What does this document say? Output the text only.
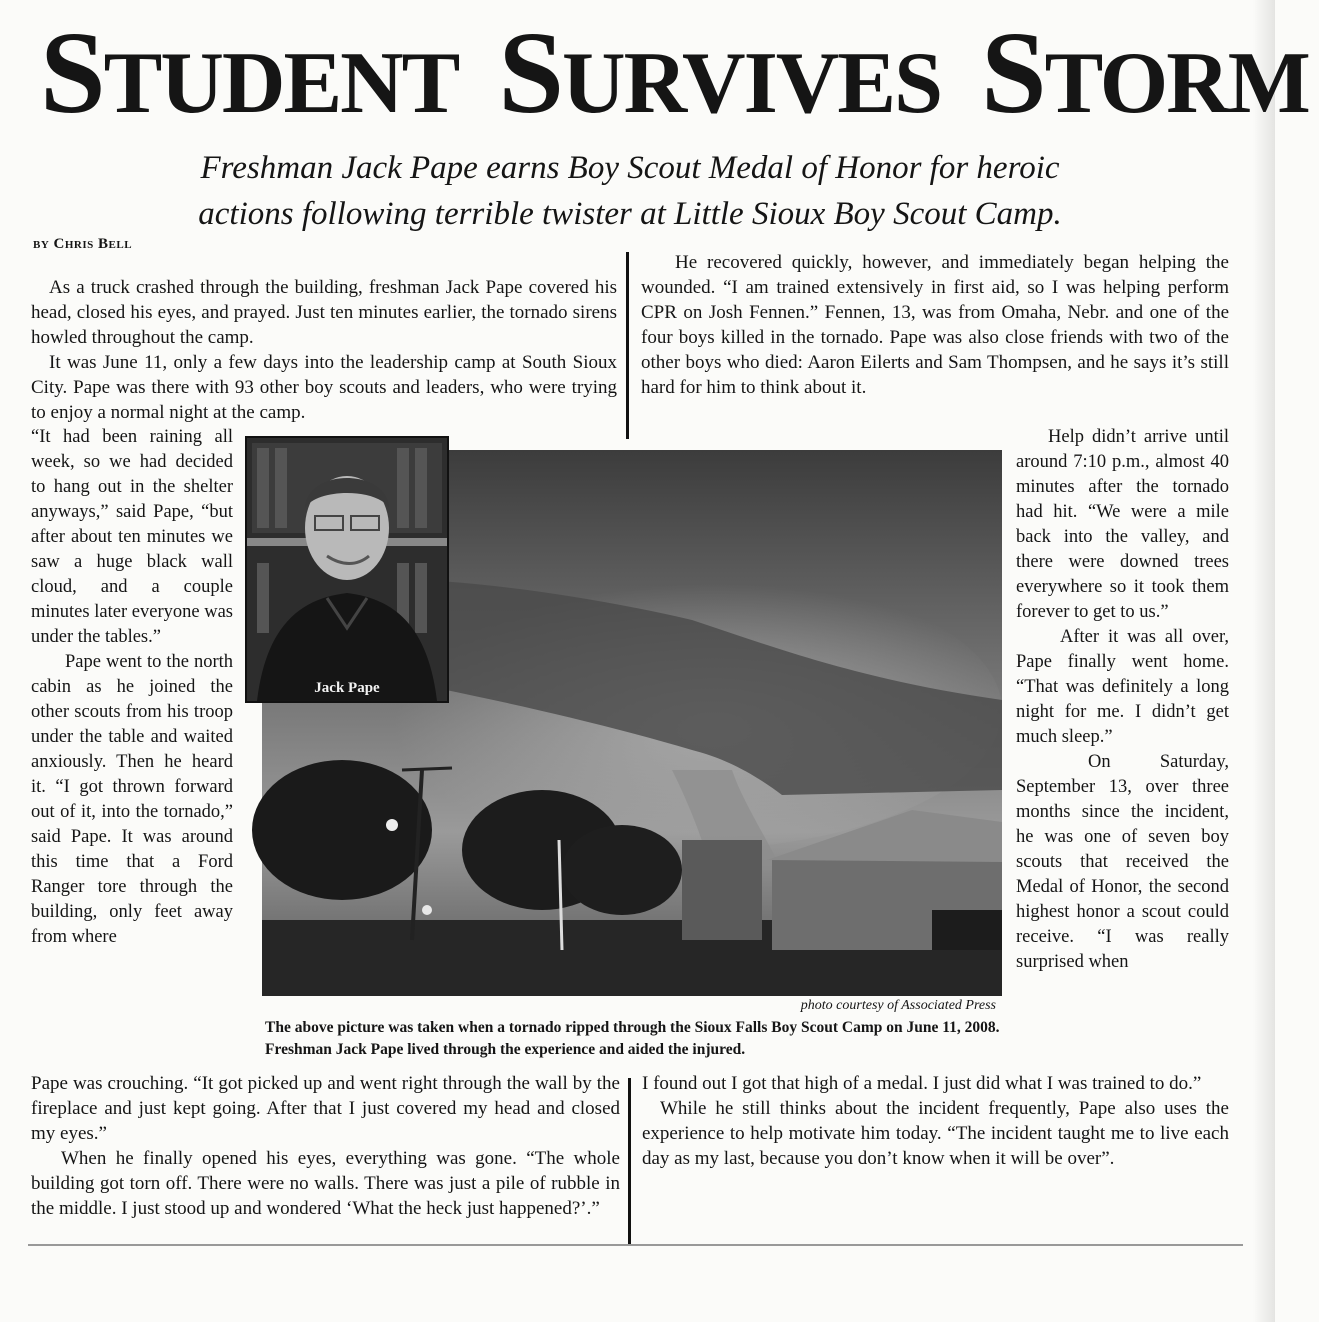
STUDENT SURVIVES STORM
Freshman Jack Pape earns Boy Scout Medal of Honor for heroic
actions following terrible twister at Little Sioux Boy Scout Camp.
by Chris Bell

As a truck crashed through the building, freshman Jack Pape covered his head, closed his eyes, and prayed. Just ten minutes earlier, the tornado sirens howled throughout the camp.

It was June 11, only a few days into the leadership camp at South Sioux City. Pape was there with 93 other boy scouts and leaders, who were trying to enjoy a normal night at the camp.

“It had been raining all week, so we had decided to hang out in the shelter anyways,” said Pape, “but after about ten minutes we saw a huge black wall cloud, and a couple minutes later everyone was under the tables.”

Pape went to the north cabin as he joined the other scouts from his troop under the table and waited anxiously. Then he heard it. “I got thrown forward out of it, into the tornado,” said Pape. It was around this time that a Ford Ranger tore through the building, only feet away from where

Pape was crouching. “It got picked up and went right through the wall by the fireplace and just kept going. After that I just covered my head and closed my eyes.”

When he finally opened his eyes, everything was gone. “The whole building got torn off. There were no walls. There was just a pile of rubble in the middle. I just stood up and wondered ‘What the heck just happened?’.”

He recovered quickly, however, and immediately began helping the wounded. “I am trained extensively in first aid, so I was helping perform CPR on Josh Fennen.” Fennen, 13, was from Omaha, Nebr. and one of the four boys killed in the tornado. Pape was also close friends with two of the other boys who died: Aaron Eilerts and Sam Thompsen, and he says it’s still hard for him to think about it.

Help didn’t arrive until around 7:10 p.m., almost 40 minutes after the tornado had hit. “We were a mile back into the valley, and there were downed trees everywhere so it took them forever to get to us.”

After it was all over, Pape finally went home. “That was definitely a long night for me. I didn’t get much sleep.”

On Saturday, September 13, over three months since the incident, he was one of seven boy scouts that received the Medal of Honor, the second highest honor a scout could receive. “I was really surprised when

I found out I got that high of a medal. I just did what I was trained to do.”

While he still thinks about the incident frequently, Pape also uses the experience to help motivate him today. “The incident taught me to live each day as my last, because you don’t know when it will be over”.

Jack Pape
photo courtesy of Associated Press
The above picture was taken when a tornado ripped through the Sioux Falls Boy Scout Camp on June 11, 2008. Freshman Jack Pape lived through the experience and aided the injured.
